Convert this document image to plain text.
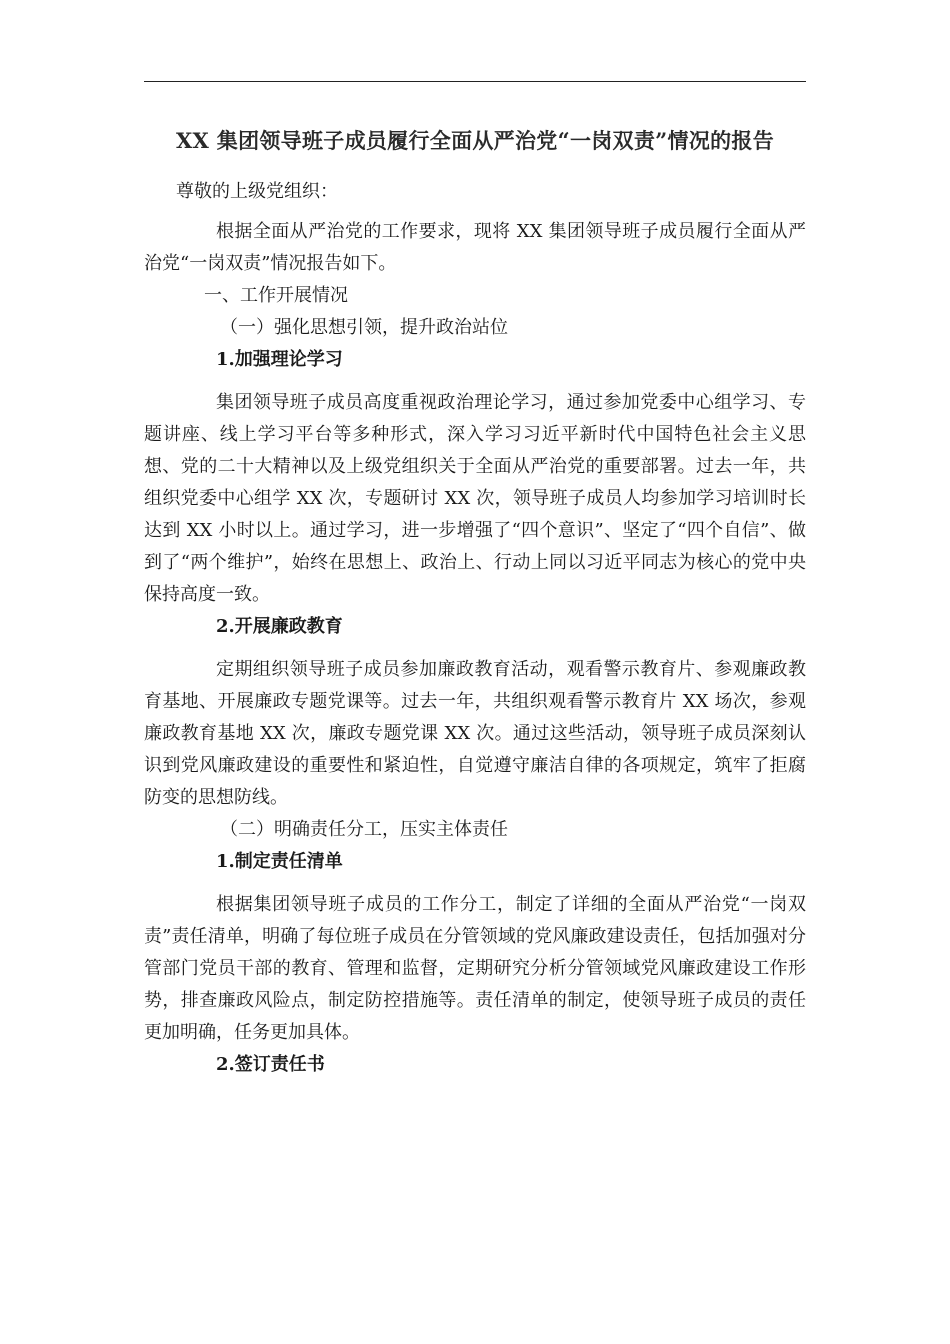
XX 集团领导班子成员履行全面从严治党“一岗双责”情况的报告

尊敬的上级党组织：

根据全面从严治党的工作要求，现将 XX 集团领导班子成员履行全面从严治党“一岗双责”情况报告如下。

一、工作开展情况

（一）强化思想引领，提升政治站位

1.加强理论学习

集团领导班子成员高度重视政治理论学习，通过参加党委中心组学习、专题讲座、线上学习平台等多种形式，深入学习习近平新时代中国特色社会主义思想、党的二十大精神以及上级党组织关于全面从严治党的重要部署。过去一年，共组织党委中心组学 XX 次，专题研讨 XX 次，领导班子成员人均参加学习培训时长达到 XX 小时以上。通过学习，进一步增强了“四个意识”、坚定了“四个自信”、做到了“两个维护”，始终在思想上、政治上、行动上同以习近平同志为核心的党中央保持高度一致。

2.开展廉政教育

定期组织领导班子成员参加廉政教育活动，观看警示教育片、参观廉政教育基地、开展廉政专题党课等。过去一年，共组织观看警示教育片 XX 场次，参观廉政教育基地 XX 次，廉政专题党课 XX 次。通过这些活动，领导班子成员深刻认识到党风廉政建设的重要性和紧迫性，自觉遵守廉洁自律的各项规定，筑牢了拒腐防变的思想防线。

（二）明确责任分工，压实主体责任

1.制定责任清单

根据集团领导班子成员的工作分工，制定了详细的全面从严治党“一岗双责”责任清单，明确了每位班子成员在分管领域的党风廉政建设责任，包括加强对分管部门党员干部的教育、管理和监督，定期研究分析分管领域党风廉政建设工作形势，排查廉政风险点，制定防控措施等。责任清单的制定，使领导班子成员的责任更加明确，任务更加具体。

2.签订责任书
